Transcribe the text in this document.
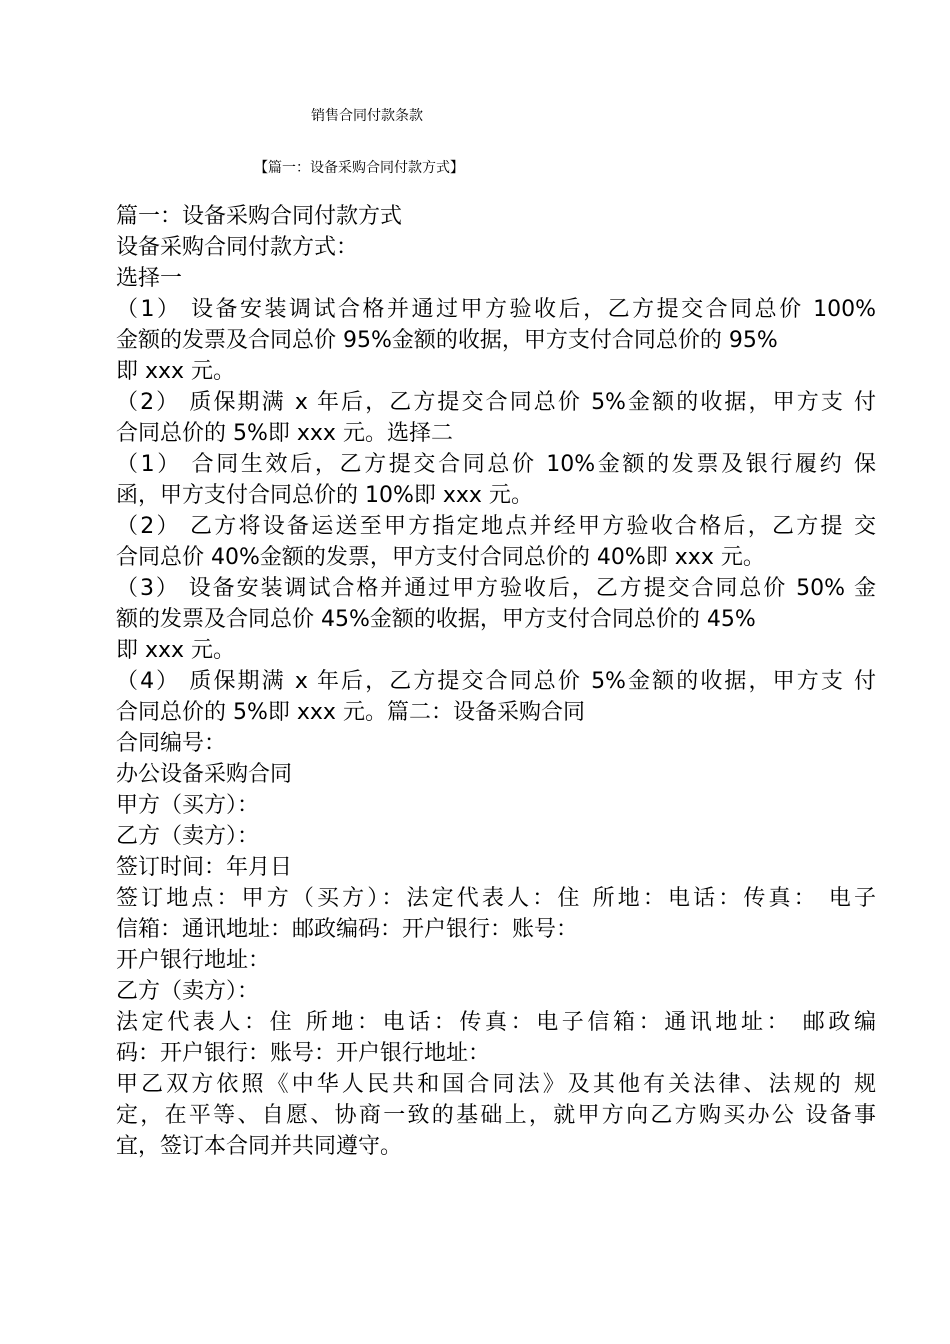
销售合同付款条款
【篇一：设备采购合同付款方式】
篇一：设备采购合同付款方式
设备采购合同付款方式：
选择一
（1） 设备安装调试合格并通过甲方验收后，乙方提交合同总价 100%
金额的发票及合同总价 95%金额的收据，甲方支付合同总价的 95%
即 xxx 元。
（2） 质保期满 x 年后，乙方提交合同总价 5%金额的收据，甲方支 付
合同总价的 5%即 xxx 元。选择二
（1） 合同生效后，乙方提交合同总价 10%金额的发票及银行履约 保
函，甲方支付合同总价的 10%即 xxx 元。
（2） 乙方将设备运送至甲方指定地点并经甲方验收合格后，乙方提 交
合同总价 40%金额的发票，甲方支付合同总价的 40%即 xxx 元。
（3） 设备安装调试合格并通过甲方验收后，乙方提交合同总价 50% 金
额的发票及合同总价 45%金额的收据，甲方支付合同总价的 45%
即 xxx 元。
（4） 质保期满 x 年后，乙方提交合同总价 5%金额的收据，甲方支 付
合同总价的 5%即 xxx 元。篇二：设备采购合同
合同编号：
办公设备采购合同
甲方（买方）：
乙方（卖方）：
签订时间：年月日
签订地点：甲方（买方）：法定代表人：住 所地：电话：传真： 电子
信箱：通讯地址：邮政编码：开户银行：账号：
开户银行地址：
乙方（卖方）：
法定代表人：住 所地：电话：传真：电子信箱：通讯地址： 邮政编
码：开户银行：账号：开户银行地址：
甲乙双方依照《中华人民共和国合同法》及其他有关法律、法规的 规
定，在平等、自愿、协商一致的基础上，就甲方向乙方购买办公 设备事
宜，签订本合同并共同遵守。
